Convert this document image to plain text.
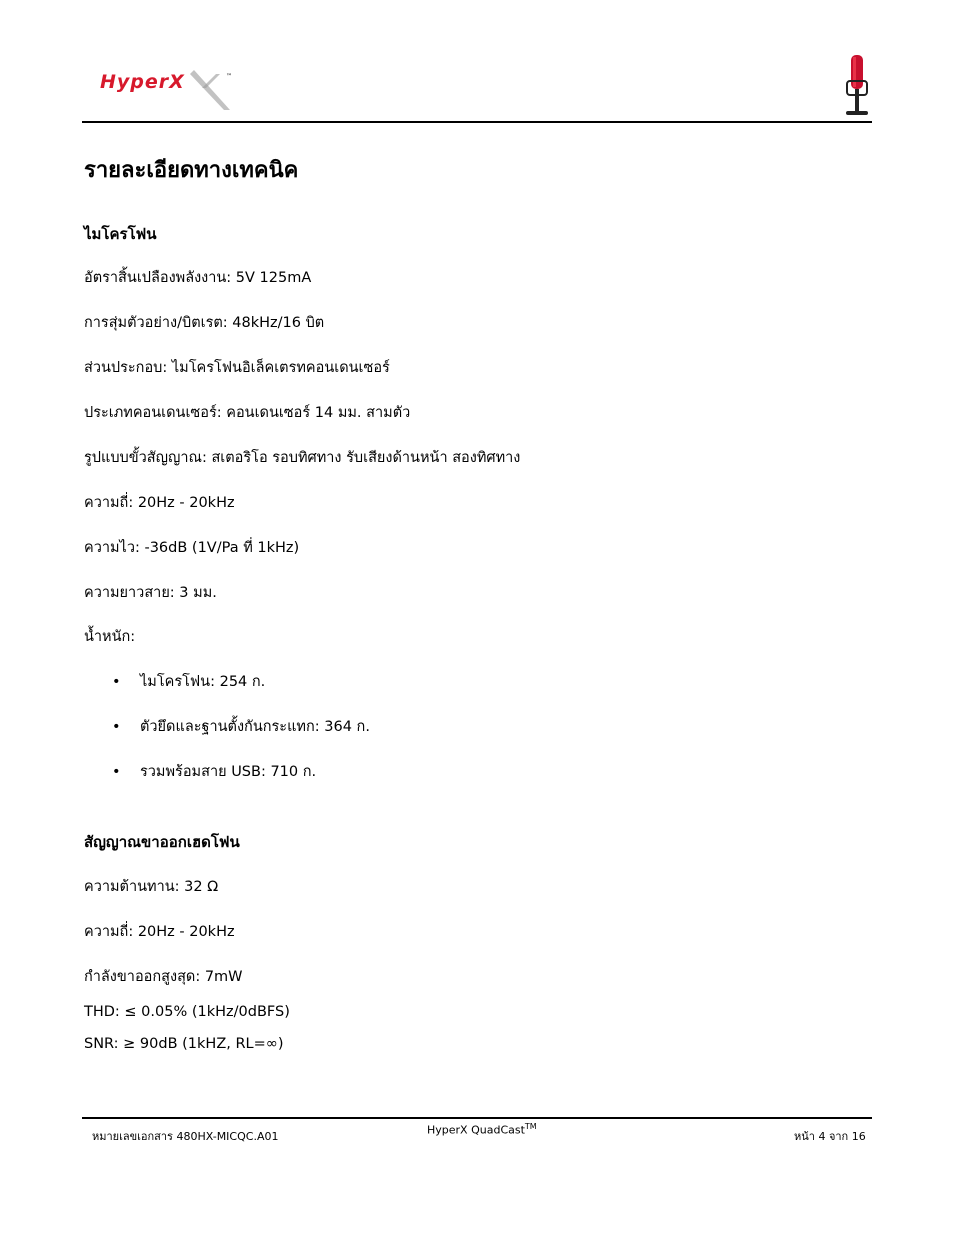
HyperX	™
รายละเอียดทางเทคนิค
ไมโครโฟน
อัตราสิ้นเปลืองพลังงาน: 5V 125mA
การสุ่มตัวอย่าง/บิตเรต: 48kHz/16 บิต
ส่วนประกอบ: ไมโครโฟนอิเล็คเตรทคอนเดนเซอร์
ประเภทคอนเดนเซอร์: คอนเดนเซอร์ 14 มม. สามตัว
รูปแบบขั้วสัญญาณ: สเตอริโอ รอบทิศทาง รับเสียงด้านหน้า สองทิศทาง
ความถี่: 20Hz - 20kHz
ความไว: -36dB (1V/Pa ที่ 1kHz)
ความยาวสาย: 3 มม.
น้ำหนัก:
• ไมโครโฟน: 254 ก.
• ตัวยึดและฐานตั้งกันกระแทก: 364 ก.
• รวมพร้อมสาย USB: 710 ก.
สัญญาณขาออกเฮดโฟน
ความต้านทาน: 32 Ω
ความถี่: 20Hz - 20kHz
กำลังขาออกสูงสุด: 7mW
THD: ≤ 0.05% (1kHz/0dBFS)
SNR: ≥ 90dB (1kHZ, RL=∞)
หมายเลขเอกสาร 480HX-MICQC.A01	HyperX QuadCast™
หน้า 4 จาก 16
